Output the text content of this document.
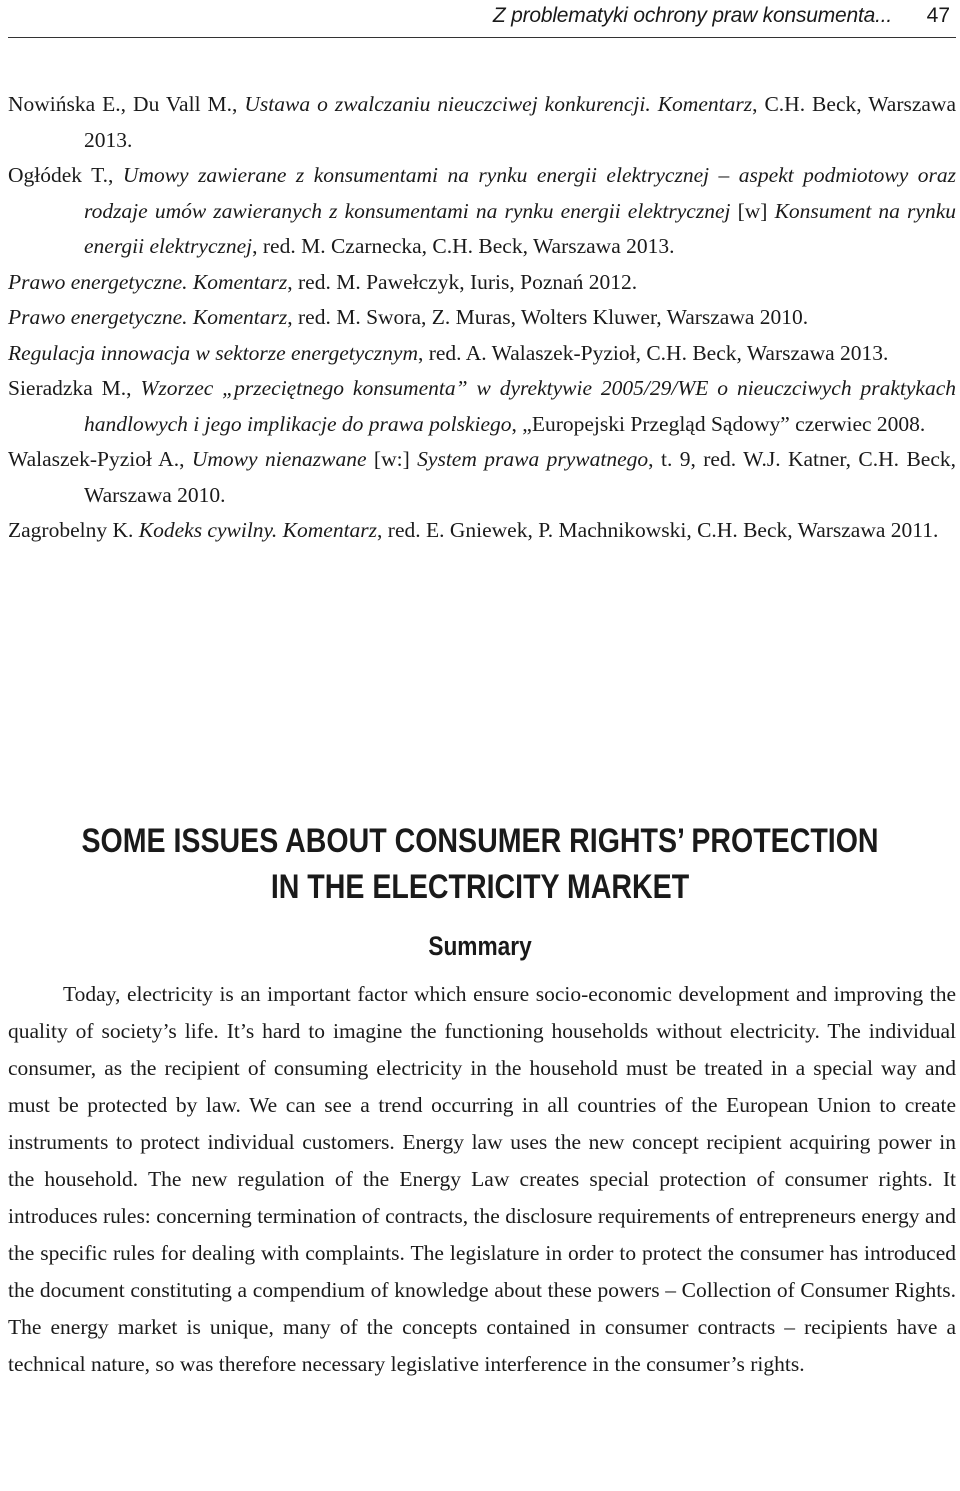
Z problematyki ochrony praw konsumenta... 47
Nowińska E., Du Vall M., Ustawa o zwalczaniu nieuczciwej konkurencji. Komentarz, C.H. Beck, Warszawa 2013.
Ogłódek T., Umowy zawierane z konsumentami na rynku energii elektrycznej – aspekt podmiotowy oraz rodzaje umów zawieranych z konsumentami na rynku energii elektrycznej [w] Konsument na rynku energii elektrycznej, red. M. Czarnecka, C.H. Beck, Warszawa 2013.
Prawo energetyczne. Komentarz, red. M. Pawełczyk, Iuris, Poznań 2012.
Prawo energetyczne. Komentarz, red. M. Swora, Z. Muras, Wolters Kluwer, Warszawa 2010.
Regulacja innowacja w sektorze energetycznym, red. A. Walaszek-Pyzioł, C.H. Beck, Warszawa 2013.
Sieradzka M., Wzorzec „przeciętnego konsumenta” w dyrektywie 2005/29/WE o nieuczciwych praktykach handlowych i jego implikacje do prawa polskiego, „Europejski Przegląd Sądowy” czerwiec 2008.
Walaszek-Pyzioł A., Umowy nienazwane [w:] System prawa prywatnego, t. 9, red. W.J. Katner, C.H. Beck, Warszawa 2010.
Zagrobelny K. Kodeks cywilny. Komentarz, red. E. Gniewek, P. Machnikowski, C.H. Beck, Warszawa 2011.
SOME ISSUES ABOUT CONSUMER RIGHTS’ PROTECTION
IN THE ELECTRICITY MARKET
Summary

Today, electricity is an important factor which ensure socio-economic development and improving the quality of society’s life. It’s hard to imagine the functioning households without electricity. The individual consumer, as the recipient of consuming electricity in the household must be treated in a special way and must be protected by law. We can see a trend occurring in all countries of the European Union to create instruments to protect individual customers. Energy law uses the new concept recipient acquiring power in the household. The new regulation of the Energy Law creates special protection of consumer rights. It introduces rules: concerning termination of contracts, the disclosure requirements of entrepreneurs energy and the specific rules for dealing with complaints. The legislature in order to protect the consumer has introduced the document constituting a compendium of knowledge about these powers – Collection of Consumer Rights. The energy market is unique, many of the concepts contained in consumer contracts – recipients have a technical nature, so was therefore necessary legislative interference in the consumer’s rights.
